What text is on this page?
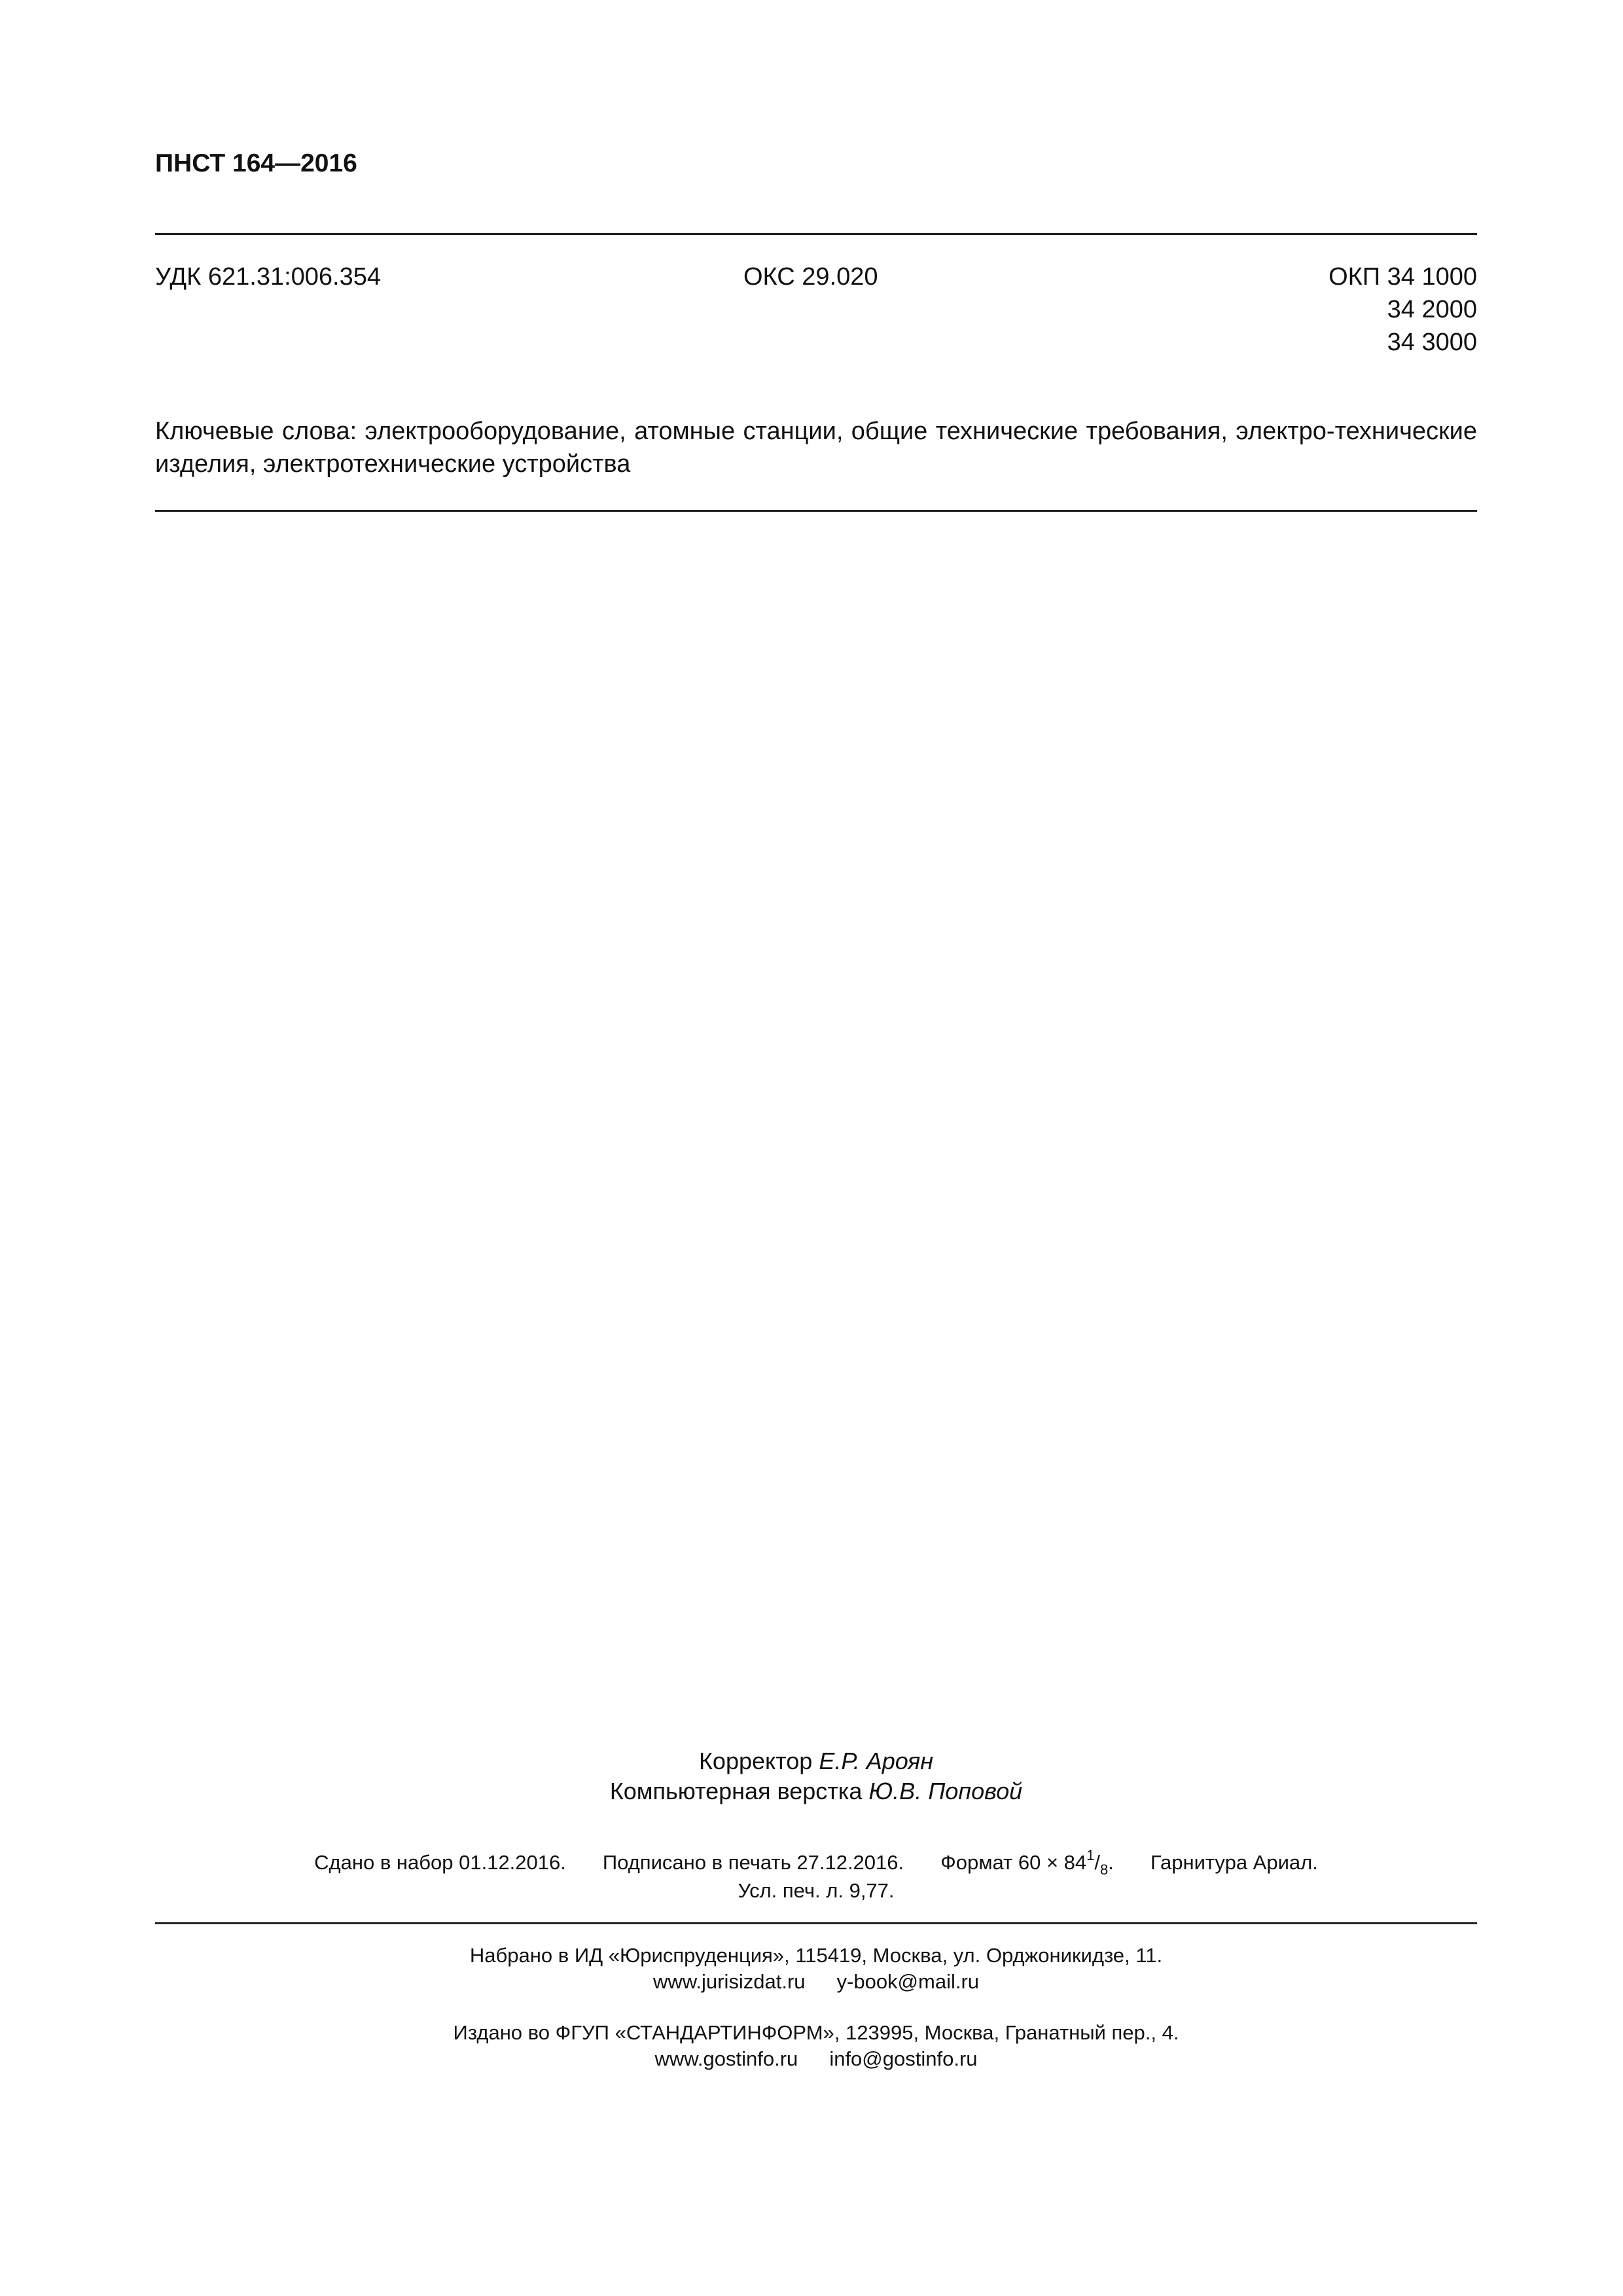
ПНСТ 164—2016
УДК 621.31:006.354	ОКС 29.020	ОКП 34 1000
34 2000
34 3000
Ключевые слова: электрооборудование, атомные станции, общие технические требования, электро-технические изделия, электротехнические устройства
Корректор Е.Р. Ароян
Компьютерная верстка Ю.В. Поповой
Сдано в набор 01.12.2016. Подписано в печать 27.12.2016. Формат $60 \times 84^1/_8$. Гарнитура Ариал.
Усл. печ. л. 9,77.
Набрано в ИД «Юриспруденция», 115419, Москва, ул. Орджоникидзе, 11.
www.jurisizdat.ru y-book@mail.ru
Издано во ФГУП «СТАНДАРТИНФОРМ», 123995, Москва, Гранатный пер., 4.
www.gostinfo.ru info@gostinfo.ru
